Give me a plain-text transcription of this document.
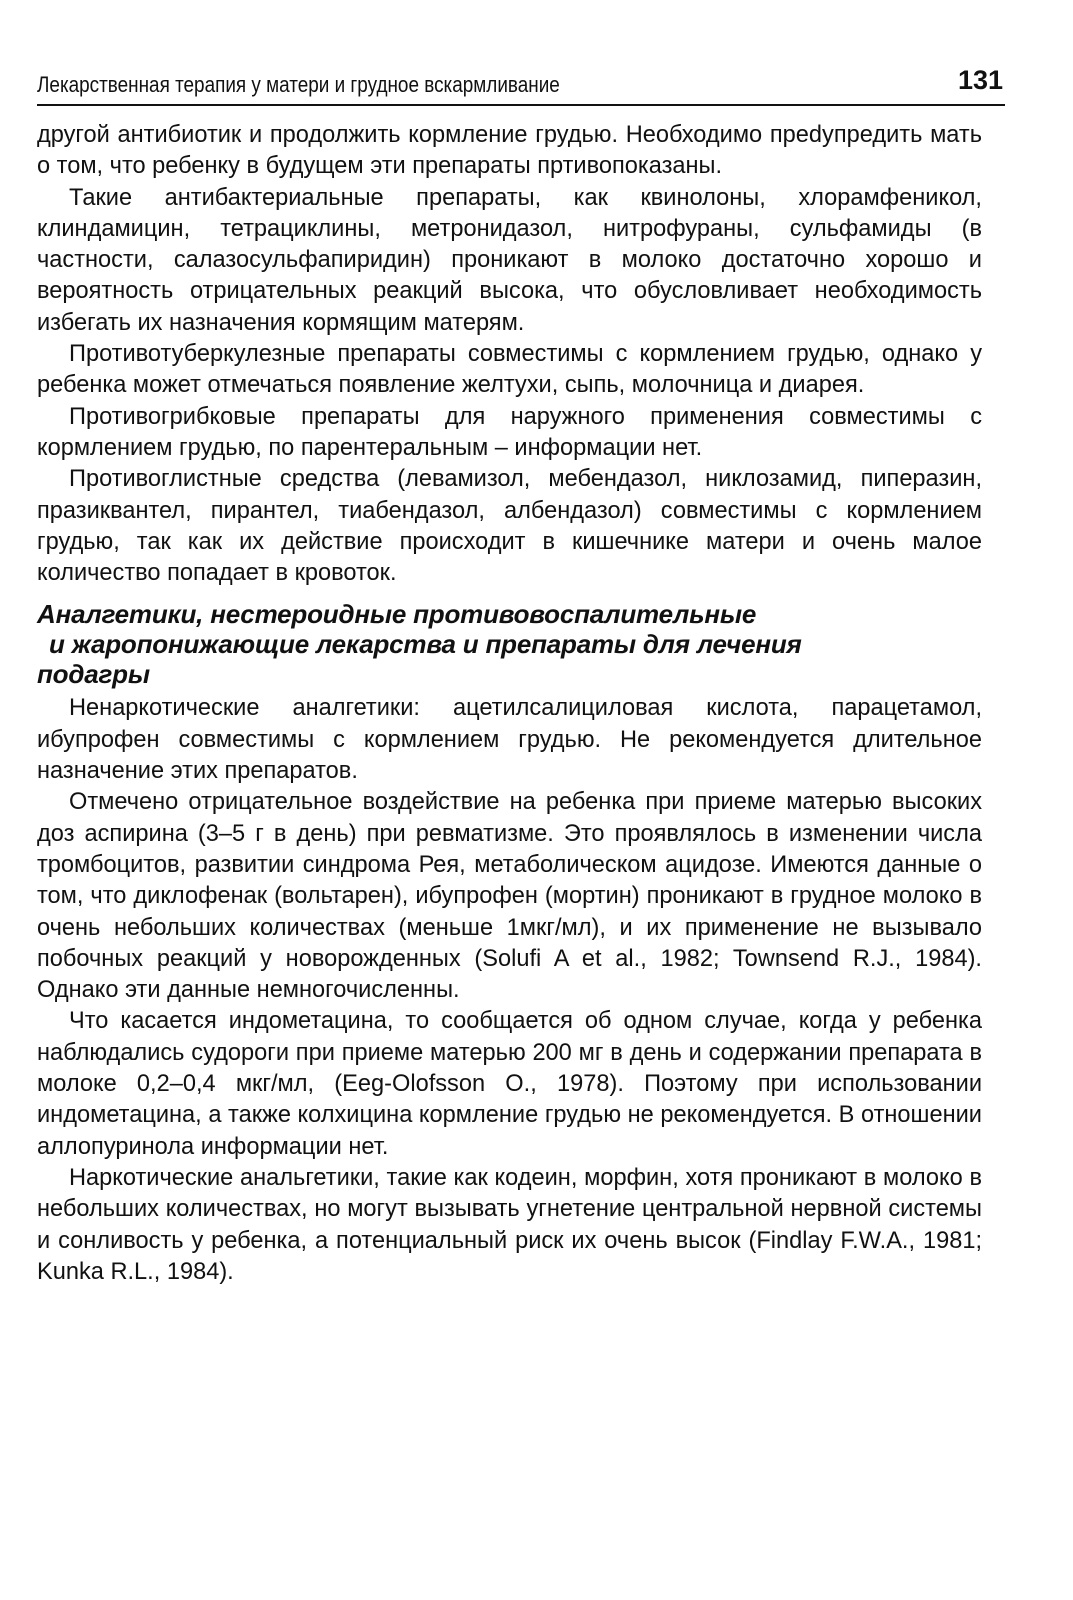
Лекарственная терапия у матери и грудное вскармливание	131

другой антибиотик и продолжить кормление грудью. Необходимо преdупредить мать о том, что ребенку в будущем эти препараты пртивопоказаны.

Такие антибактериальные препараты, как квинолоны, хлорамфеникол, клиндамицин, тетрациклины, метронидазол, нитрофураны, сульфамиды (в частности, салазосульфапиридин) проникают в молоко достаточно хорошо и вероятность отрицательных реакций высока, что обусловливает необходимость избегать их назначения кормящим матерям.

Противотуберкулезные препараты совместимы с кормлением грудью, однако у ребенка может отмечаться появление желтухи, сыпь, молочница и диарея.

Противогрибковые препараты для наружного применения совместимы с кормлением грудью, по парентеральным – информации нет.

Противоглистные средства (левамизол, мебендазол, никлозамид, пиперазин, празиквантел, пирантел, тиабендазол, албендазол) совместимы с кормлением грудью, так как их действие происходит в кишечнике матери и очень малое количество попадает в кровоток.

Аналгетики, нестероидные противовоспалительные
и жаропонижающие лекарства и препараты для лечения
подагры

Ненаркотические аналгетики: ацетилсалициловая кислота, парацетамол, ибупрофен совместимы с кормлением грудью. Не рекомендуется длительное назначение этих препаратов.

Отмечено отрицательное воздействие на ребенка при приеме матерью высоких доз аспирина (3–5 г в день) при ревматизме. Это проявлялось в изменении числа тромбоцитов, развитии синдрома Рея, метаболическом ацидозе. Имеются данные о том, что диклофенак (вольтарен), ибупрофен (мортин) проникают в грудное молоко в очень небольших количествах (меньше 1мкг/мл), и их применение не вызывало побочных реакций у новорожденных (Solufi A et al., 1982; Townsend R.J., 1984). Однако эти данные немногочисленны.

Что касается индометацина, то сообщается об одном случае, когда у ребенка наблюдались судороги при приеме матерью 200 мг в день и содержании препарата в молоке 0,2–0,4 мкг/мл, (Eeg-Olofsson O., 1978). Поэтому при использовании индометацина, а также колхицина кормление грудью не рекомендуется. В отношении аллопуринола информации нет.

Наркотические анальгетики, такие как кодеин, морфин, хотя проникают в молоко в небольших количествах, но могут вызывать угнетение центральной нервной системы и сонливость у ребенка, а потенциальный риск их очень высок (Findlay F.W.A., 1981; Kunka R.L., 1984).
